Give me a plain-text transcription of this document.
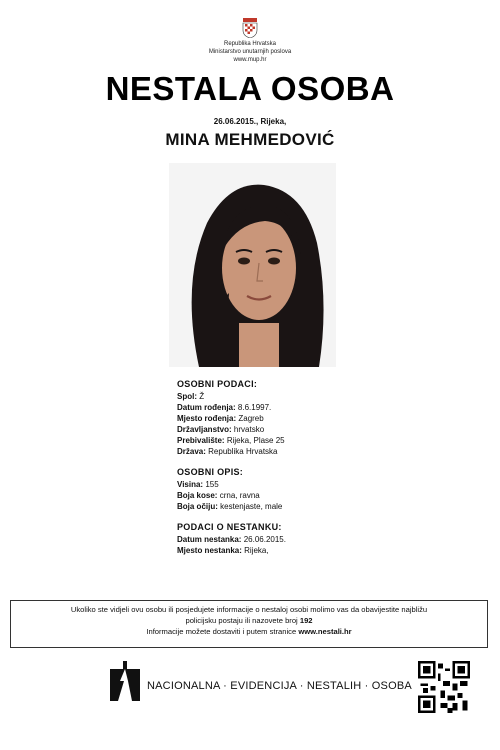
Republika Hrvatska
Ministarstvo unutarnjih poslova
www.mup.hr
NESTALA OSOBA
26.06.2015., Rijeka,
MINA MEHMEDOVIĆ
OSOBNI PODACI:
Spol: Ž
Datum rođenja: 8.6.1997.
Mjesto rođenja: Zagreb
Državljanstvo: hrvatsko
Prebivalište: Rijeka, Plase 25
Država: Republika Hrvatska
OSOBNI OPIS:
Visina: 155
Boja kose: crna, ravna
Boja očiju: kestenjaste, male
PODACI O NESTANKU:
Datum nestanka: 26.06.2015.
Mjesto nestanka: Rijeka,
Ukoliko ste vidjeli ovu osobu ili posjedujete informacije o nestaloj osobi molimo vas da obavijestite najbližu
policijsku postaju ili nazovete broj 192
Informacije možete dostaviti i putem stranice www.nestali.hr
NACIONALNA · EVIDENCIJA · NESTALIH · OSOBA
